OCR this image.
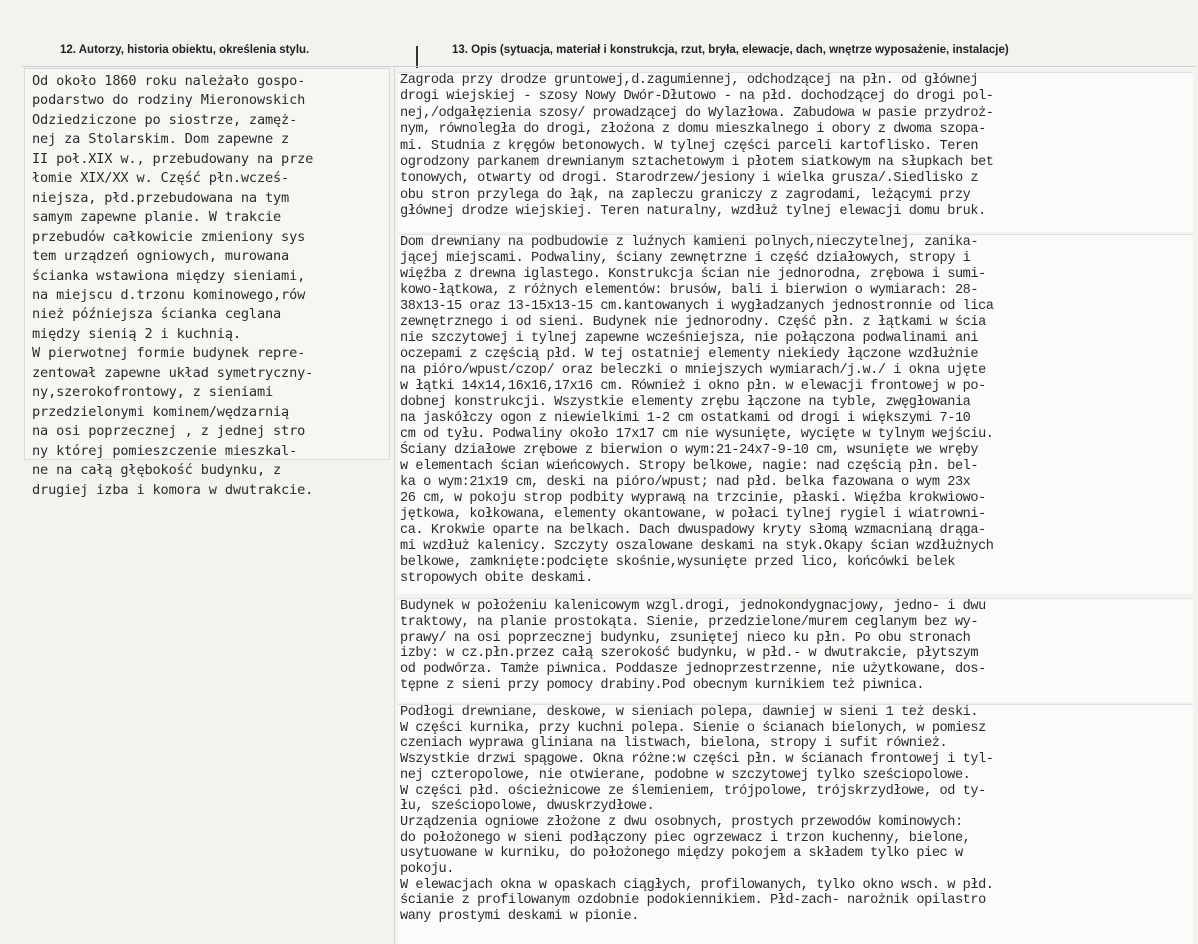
12. Autorzy, historia obiektu, określenia stylu.	13. Opis (sytuacja, materiał i konstrukcja, rzut, bryła, elewacje, dach, wnętrze wyposażenie, instalacje)
Od około 1860 roku należało gospo-
podarstwo do rodziny Mieronowskich
Odziedziczone po siostrze, zamęż-
nej za Stolarskim. Dom zapewne z
II poł.XIX w., przebudowany na prze
łomie XIX/XX w. Część płn.wcześ-
niejsza, płd.przebudowana na tym
samym zapewne planie. W trakcie
przebudów całkowicie zmieniony sys
tem urządzeń ogniowych, murowana
ścianka wstawiona między sieniami,
na miejscu d.trzonu kominowego,rów
nież późniejsza ścianka ceglana
między sienią 2 i kuchnią.
W pierwotnej formie budynek repre-
zentował zapewne układ symetryczny-
ny,szerokofrontowy, z sieniami
przedzielonymi kominem/wędzarnią
na osi poprzecznej , z jednej stro
ny której pomieszczenie mieszkal-
ne na całą głębokość budynku, z
drugiej izba i komora w dwutrakcie.
Zagroda przy drodze gruntowej,d.zagumiennej, odchodzącej na płn. od głównej
drogi wiejskiej - szosy Nowy Dwór-Dłutowo - na płd. dochodzącej do drogi pol-
nej,/odgałęzienia szosy/ prowadzącej do Wylazłowa. Zabudowa w pasie przydroż-
nym, równoległa do drogi, złożona z domu mieszkalnego i obory z dwoma szopa-
mi. Studnia z kręgów betonowych. W tylnej części parceli kartoflisko. Teren
ogrodzony parkanem drewnianym sztachetowym i płotem siatkowym na słupkach bet
tonowych, otwarty od drogi. Starodrzew/jesiony i wielka grusza/.Siedlisko z
obu stron przylega do łąk, na zapleczu graniczy z zagrodami, leżącymi przy
głównej drodze wiejskiej. Teren naturalny, wzdłuż tylnej elewacji domu bruk.
Dom drewniany na podbudowie z luźnych kamieni polnych,nieczytelnej, zanika-
jącej miejscami. Podwaliny, ściany zewnętrzne i część działowych, stropy i
więźba z drewna iglastego. Konstrukcja ścian nie jednorodna, zrębowa i sumi-
kowo-łątkowa, z różnych elementów: brusów, bali i bierwion o wymiarach: 28-
38x13-15 oraz 13-15x13-15 cm.kantowanych i wygładzanych jednostronnie od lica
zewnętrznego i od sieni. Budynek nie jednorodny. Część płn. z łątkami w ścia
nie szczytowej i tylnej zapewne wcześniejsza, nie połączona podwalinami ani
oczepami z częścią płd. W tej ostatniej elementy niekiedy łączone wzdłużnie
na pióro/wpust/czop/ oraz beleczki o mniejszych wymiarach/j.w./ i okna ujęte
w łątki 14x14,16x16,17x16 cm. Również i okno płn. w elewacji frontowej w po-
dobnej konstrukcji. Wszystkie elementy zrębu łączone na tyble, zwęgłowania
na jaskółczy ogon z niewielkimi 1-2 cm ostatkami od drogi i większymi 7-10
cm od tyłu. Podwaliny około 17x17 cm nie wysunięte, wycięte w tylnym wejściu.
Ściany działowe zrębowe z bierwion o wym:21-24x7-9-10 cm, wsunięte we wręby
w elementach ścian wieńcowych. Stropy belkowe, nagie: nad częścią płn. bel-
ka o wym:21x19 cm, deski na pióro/wpust; nad płd. belka fazowana o wym 23x
26 cm, w pokoju strop podbity wyprawą na trzcinie, płaski. Więźba krokwiowo-
jętkowa, kołkowana, elementy okantowane, w połaci tylnej rygiel i wiatrowni-
ca. Krokwie oparte na belkach. Dach dwuspadowy kryty słomą wzmacnianą drąga-
mi wzdłuż kalenicy. Szczyty oszalowane deskami na styk.Okapy ścian wzdłużnych
belkowe, zamknięte:podcięte skośnie,wysunięte przed lico, końcówki belek
stropowych obite deskami.
Budynek w położeniu kalenicowym wzgl.drogi, jednokondygnacjowy, jedno- i dwu
traktowy, na planie prostokąta. Sienie, przedzielone/murem ceglanym bez wy-
prawy/ na osi poprzecznej budynku, zsuniętej nieco ku płn. Po obu stronach
izby: w cz.płn.przez całą szerokość budynku, w płd.- w dwutrakcie, płytszym
od podwórza. Tamże piwnica. Poddasze jednoprzestrzenne, nie użytkowane, dos-
tępne z sieni przy pomocy drabiny.Pod obecnym kurnikiem też piwnica.
Podłogi drewniane, deskowe, w sieniach polepa, dawniej w sieni 1 też deski.
W części kurnika, przy kuchni polepa. Sienie o ścianach bielonych, w pomiesz
czeniach wyprawa gliniana na listwach, bielona, stropy i sufit również.
Wszystkie drzwi spągowe. Okna różne:w części płn. w ścianach frontowej i tyl-
nej czteropolowe, nie otwierane, podobne w szczytowej tylko sześciopolowe.
W części płd. ościeżnicowe ze ślemieniem, trójpolowe, trójskrzydłowe, od ty-
łu, sześciopolowe, dwuskrzydłowe.
Urządzenia ogniowe złożone z dwu osobnych, prostych przewodów kominowych:
do położonego w sieni podłączony piec ogrzewacz i trzon kuchenny, bielone,
usytuowane w kurniku, do położonego między pokojem a składem tylko piec w
pokoju.
W elewacjach okna w opaskach ciągłych, profilowanych, tylko okno wsch. w płd.
ścianie z profilowanym ozdobnie podokiennikiem. Płd-zach- narożnik opilastro
wany prostymi deskami w pionie.
